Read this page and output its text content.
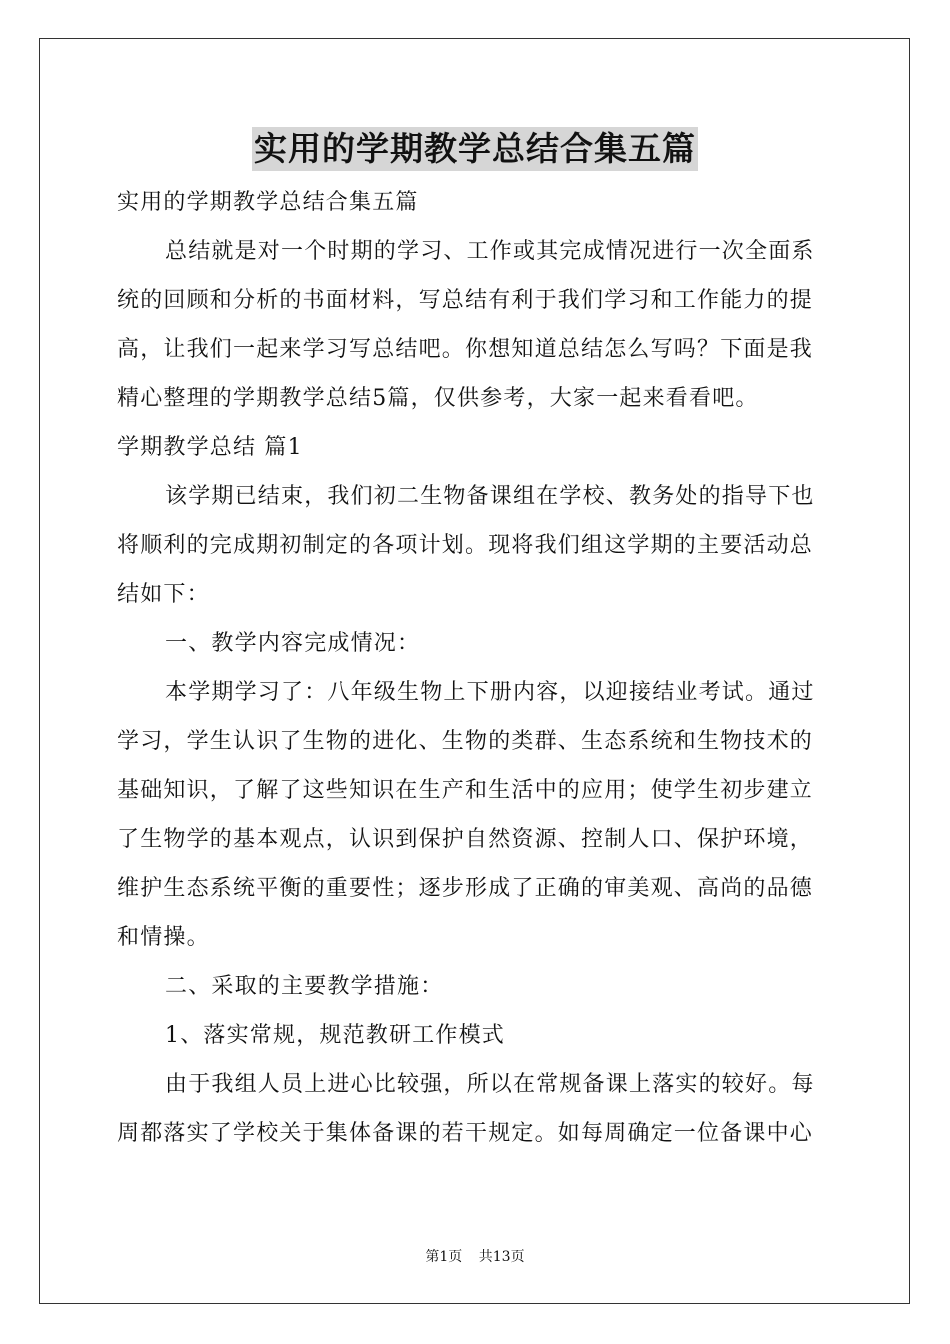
实用的学期教学总结合集五篇
实用的学期教学总结合集五篇
总结就是对一个时期的学习、工作或其完成情况进行一次全面系
统的回顾和分析的书面材料，写总结有利于我们学习和工作能力的提
高，让我们一起来学习写总结吧。你想知道总结怎么写吗？下面是我
精心整理的学期教学总结5篇，仅供参考，大家一起来看看吧。
学期教学总结 篇1
该学期已结束，我们初二生物备课组在学校、教务处的指导下也
将顺利的完成期初制定的各项计划。现将我们组这学期的主要活动总
结如下：
一、教学内容完成情况：
本学期学习了：八年级生物上下册内容，以迎接结业考试。通过
学习，学生认识了生物的进化、生物的类群、生态系统和生物技术的
基础知识，了解了这些知识在生产和生活中的应用；使学生初步建立
了生物学的基本观点，认识到保护自然资源、控制人口、保护环境，
维护生态系统平衡的重要性；逐步形成了正确的审美观、高尚的品德
和情操。
二、采取的主要教学措施：
1、落实常规，规范教研工作模式
由于我组人员上进心比较强，所以在常规备课上落实的较好。每
周都落实了学校关于集体备课的若干规定。如每周确定一位备课中心
第1页 共13页
